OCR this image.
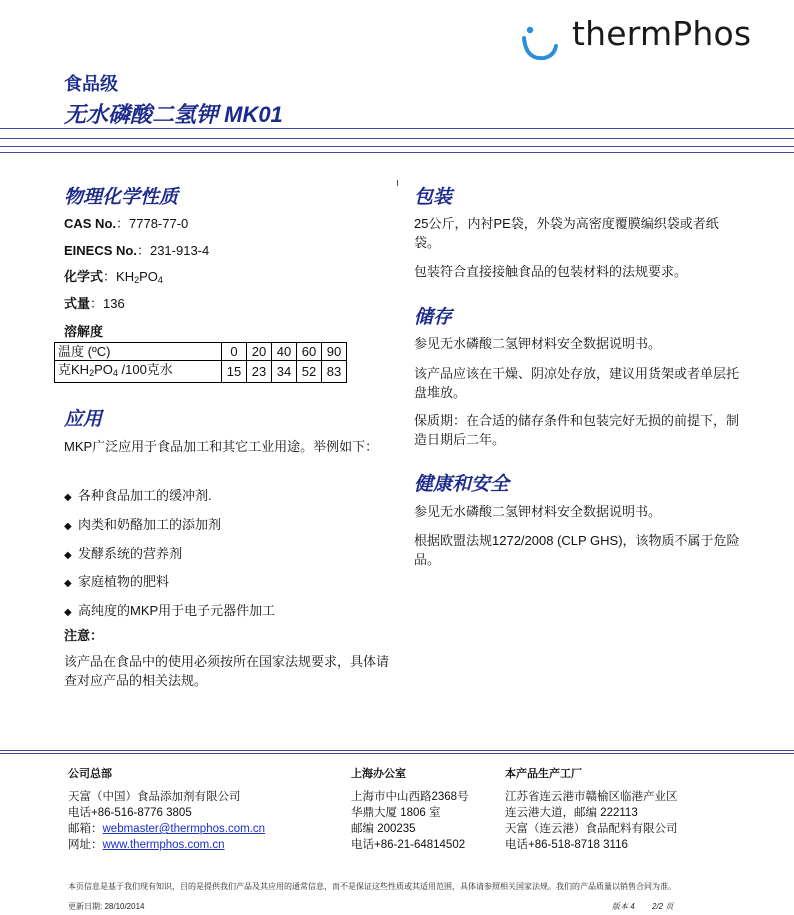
thermPhos
食品级
无水磷酸二氢钾 MK01
物理化学性质
CAS No.：7778-77-0
EINECS No.：231-913-4
化学式：$KH_2PO_4$
式量：136
溶解度
温度 (ºC)	0	20	40	60	90
克$KH_2PO_4$ /100克水	15	23	34	52	83
应用
MKP广泛应用于食品加工和其它工业用途。举例如下：
◆ 各种食品加工的缓冲剂.
◆ 肉类和奶酪加工的添加剂
◆ 发酵系统的营养剂
◆ 家庭植物的肥料
◆ 高纯度的MKP用于电子元器件加工
注意：
该产品在食品中的使用必须按所在国家法规要求，具体请查对应产品的相关法规。
包装
25公斤，内衬PE袋，外袋为高密度覆膜编织袋或者纸袋。
包装符合直接接触食品的包装材料的法规要求。
储存
参见无水磷酸二氢钾材料安全数据说明书。
该产品应该在干燥、阴凉处存放，建议用货架或者单层托盘堆放。
保质期：在合适的储存条件和包装完好无损的前提下，制造日期后二年。
健康和安全
参见无水磷酸二氢钾材料安全数据说明书。
根据欧盟法规1272/2008 (CLP GHS)，该物质不属于危险品。
公司总部
天富（中国）食品添加剂有限公司
电话+86-516-8776 3805
邮箱：webmaster@thermphos.com.cn
网址：www.thermphos.com.cn
上海办公室
上海市中山西路2368号
华鼎大厦 1806 室
邮编 200235
电话+86-21-64814502
本产品生产工厂
江苏省连云港市赣榆区临港产业区
连云港大道，邮编 222113
天富（连云港）食品配料有限公司
电话+86-518-8718 3116
本页信息是基于我们现有知识，目的是提供我们产品及其应用的通常信息，而不是保证这些性质或其适用范围，具体请参照相关国家法规。我们的产品质量以销售合同为准。
更新日期: 28/10/2014	版本 4 2/2 页
